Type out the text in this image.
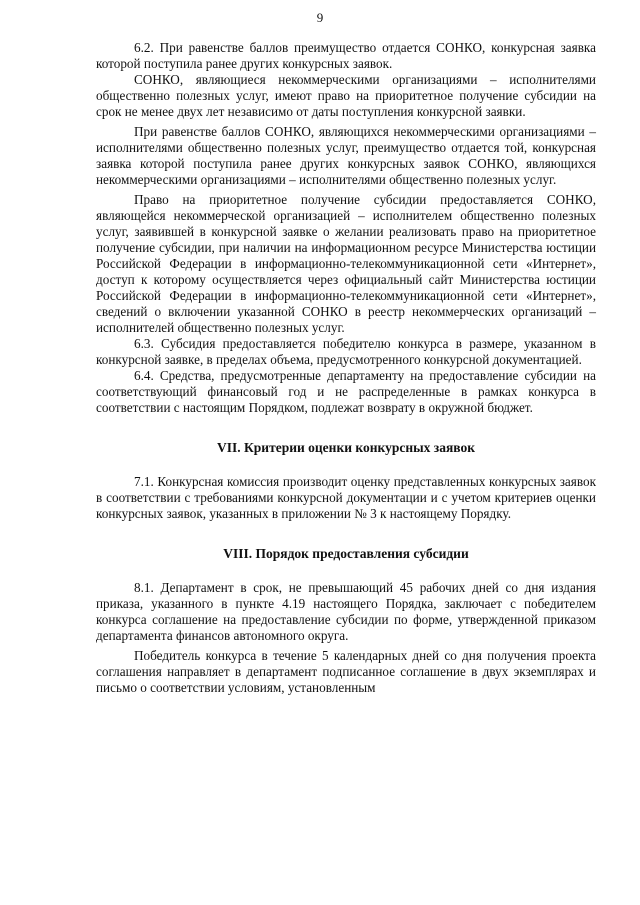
9

6.2. При равенстве баллов преимущество отдается СОНКО, конкурсная заявка которой поступила ранее других конкурсных заявок.

СОНКО, являющиеся некоммерческими организациями – исполнителями общественно полезных услуг, имеют право на приоритетное получение субсидии на срок не менее двух лет независимо от даты поступления конкурсной заявки.

При равенстве баллов СОНКО, являющихся некоммерческими организациями – исполнителями общественно полезных услуг, преимущество отдается той, конкурсная заявка которой поступила ранее других конкурсных заявок СОНКО, являющихся некоммерческими организациями – исполнителями общественно полезных услуг.

Право на приоритетное получение субсидии предоставляется СОНКО, являющейся некоммерческой организацией – исполнителем общественно полезных услуг, заявившей в конкурсной заявке о желании реализовать право на приоритетное получение субсидии, при наличии на информационном ресурсе Министерства юстиции Российской Федерации в информационно-телекоммуникационной сети «Интернет», доступ к которому осуществляется через официальный сайт Министерства юстиции Российской Федерации в информационно-телекоммуникационной сети «Интернет», сведений о включении указанной СОНКО в реестр некоммерческих организаций – исполнителей общественно полезных услуг.

6.3. Субсидия предоставляется победителю конкурса в размере, указанном в конкурсной заявке, в пределах объема, предусмотренного конкурсной документацией.

6.4. Средства, предусмотренные департаменту на предоставление субсидии на соответствующий финансовый год и не распределенные в рамках конкурса в соответствии с настоящим Порядком, подлежат возврату в окружной бюджет.

VII. Критерии оценки конкурсных заявок

7.1. Конкурсная комиссия производит оценку представленных конкурсных заявок в соответствии с требованиями конкурсной документации и с учетом критериев оценки конкурсных заявок, указанных в приложении № 3 к настоящему Порядку.

VIII. Порядок предоставления субсидии

8.1. Департамент в срок, не превышающий 45 рабочих дней со дня издания приказа, указанного в пункте 4.19 настоящего Порядка, заключает с победителем конкурса соглашение на предоставление субсидии по форме, утвержденной приказом департамента финансов автономного округа.

Победитель конкурса в течение 5 календарных дней со дня получения проекта соглашения направляет в департамент подписанное соглашение в двух экземплярах и письмо о соответствии условиям, установленным
